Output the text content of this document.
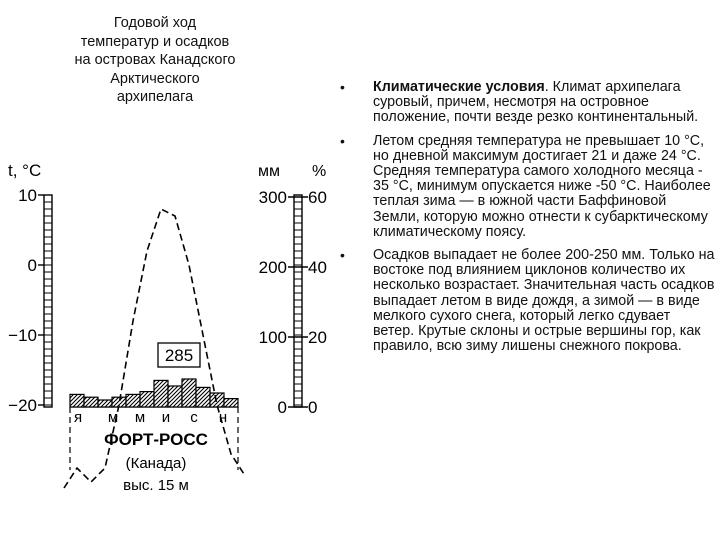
Годовой ход
температур и осадков
на островах Канадского
Арктического
архипелага
t, °C	мм %
10
0
−10
−20
300 60
200 40
100 20
0 0
285
я м м и с н
ФОРТ-РОСС
(Канада)
выс. 15 м
• Климатические условия. Климат архипелага суровый, причем, несмотря на островное положение, почти везде резко континентальный.
• Летом средняя температура не превышает 10 °С, но дневной максимум достигает 21 и даже 24 °С. Средняя температура самого холодного месяца - 35 °С, минимум опускается ниже -50 °С. Наиболее теплая зима — в южной части Баффиновой Земли, которую можно отнести к субарктическому климатическому поясу.
• Осадков выпадает не более 200-250 мм. Только на востоке под влиянием циклонов количество их несколько возрастает. Значительная часть осадков выпадает летом в виде дождя, а зимой — в виде мелкого сухого снега, который легко сдувает ветер. Крутые склоны и острые вершины гор, как правило, всю зиму лишены снежного покрова.
